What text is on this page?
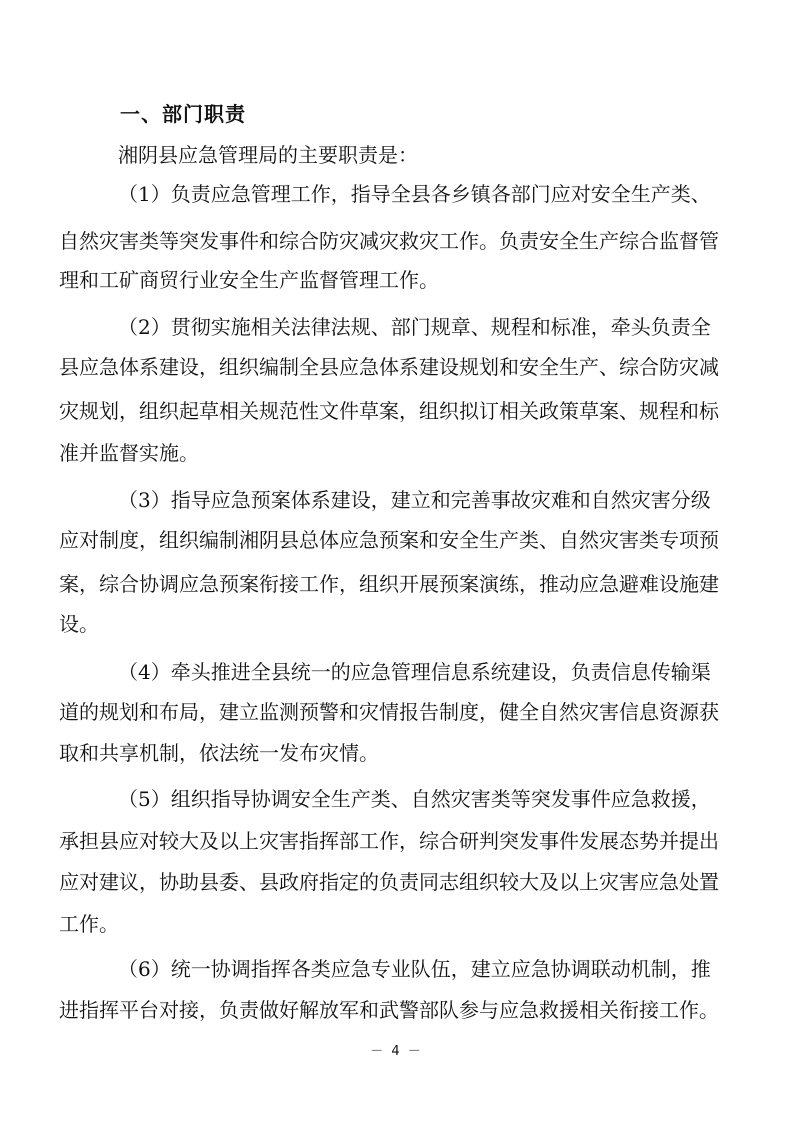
一、部门职责
湘阴县应急管理局的主要职责是：
（1）负责应急管理工作，指导全县各乡镇各部门应对安全生产类、
自然灾害类等突发事件和综合防灾减灾救灾工作。负责安全生产综合监督管
理和工矿商贸行业安全生产监督管理工作。
（2）贯彻实施相关法律法规、部门规章、规程和标准，牵头负责全
县应急体系建设，组织编制全县应急体系建设规划和安全生产、综合防灾减
灾规划，组织起草相关规范性文件草案，组织拟订相关政策草案、规程和标
准并监督实施。
（3）指导应急预案体系建设，建立和完善事故灾难和自然灾害分级
应对制度，组织编制湘阴县总体应急预案和安全生产类、自然灾害类专项预
案，综合协调应急预案衔接工作，组织开展预案演练，推动应急避难设施建
设。
（4）牵头推进全县统一的应急管理信息系统建设，负责信息传输渠
道的规划和布局，建立监测预警和灾情报告制度，健全自然灾害信息资源获
取和共享机制，依法统一发布灾情。
（5）组织指导协调安全生产类、自然灾害类等突发事件应急救援，
承担县应对较大及以上灾害指挥部工作，综合研判突发事件发展态势并提出
应对建议，协助县委、县政府指定的负责同志组织较大及以上灾害应急处置
工作。
（6）统一协调指挥各类应急专业队伍，建立应急协调联动机制，推
进指挥平台对接，负责做好解放军和武警部队参与应急救援相关衔接工作。
－ 4 －
